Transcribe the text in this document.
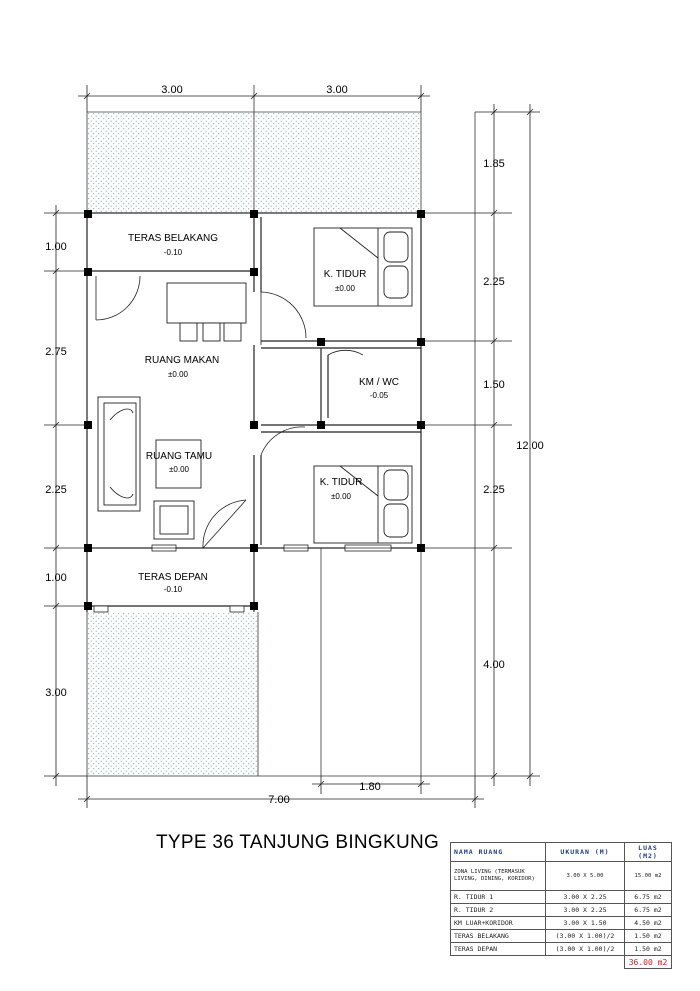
TERAS BELAKANG
-0.10
K. TIDUR
±0.00
RUANG MAKAN
±0.00
KM / WC
-0.05
RUANG TAMU
±0.00
K. TIDUR
±0.00
TERAS DEPAN
-0.10
3.00	3.00
1.00
2.75
2.25
1.00
3.00
1.85
2.25
1.50
2.25
4.00
12.00
1.80
7.00
TYPE 36 TANJUNG BINGKUNG NAMA RUANG	UKURAN (M)	LUAS (M2)
ZONA LIVING (TERMASUK LIVING, DINING, KORIDOR)	3.00 X 5.00	15.00 m2
R. TIDUR 1	3.00 X 2.25	6.75 m2
R. TIDUR 2	3.00 X 2.25	6.75 m2
KM LUAR+KORIDOR	3.00 X 1.50	4.50 m2
TERAS BELAKANG	(3.00 X 1.00)/2	1.50 m2
TERAS DEPAN	(3.00 X 1.00)/2	1.50 m2
		36.00 m2
